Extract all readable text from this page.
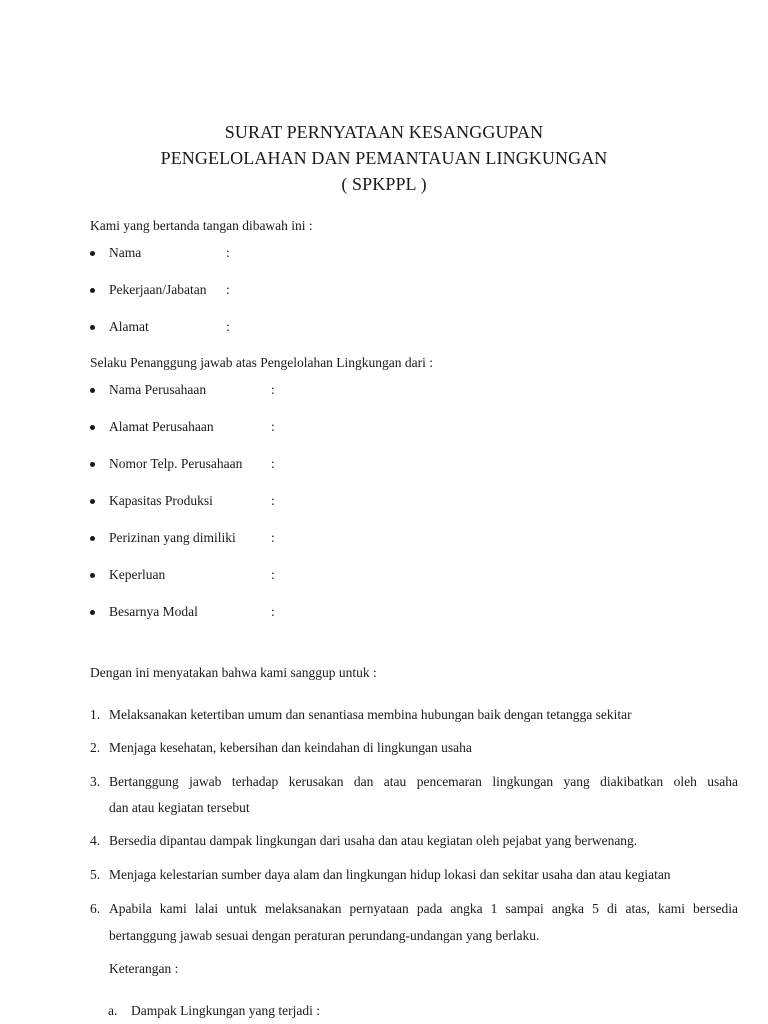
SURAT PERNYATAAN KESANGGUPAN
PENGELOLAHAN DAN PEMANTAUAN LINGKUNGAN
( SPKPPL )
Kami yang bertanda tangan dibawah ini :
Nama	:
Pekerjaan/Jabatan :
Alamat	:
Selaku Penanggung jawab atas Pengelolahan Lingkungan dari :
Nama Perusahaan	:
Alamat Perusahaan	:
Nomor Telp. Perusahaan :
Kapasitas Produksi	:
Perizinan yang dimiliki	:
Keperluan	:
Besarnya Modal	:
Dengan ini menyatakan bahwa kami sanggup untuk :
1. Melaksanakan ketertiban umum dan senantiasa membina hubungan baik dengan tetangga sekitar
2. Menjaga kesehatan, kebersihan dan keindahan di lingkungan usaha
3. Bertanggung jawab terhadap kerusakan dan atau pencemaran lingkungan yang diakibatkan oleh usaha
dan atau kegiatan tersebut
4. Bersedia dipantau dampak lingkungan dari usaha dan atau kegiatan oleh pejabat yang berwenang.
5. Menjaga kelestarian sumber daya alam dan lingkungan hidup lokasi dan sekitar usaha dan atau kegiatan
6. Apabila kami lalai untuk melaksanakan pernyataan pada angka 1 sampai angka 5 di atas, kami bersedia
bertanggung jawab sesuai dengan peraturan perundang-undangan yang berlaku.
Keterangan :
a. Dampak Lingkungan yang terjadi :
